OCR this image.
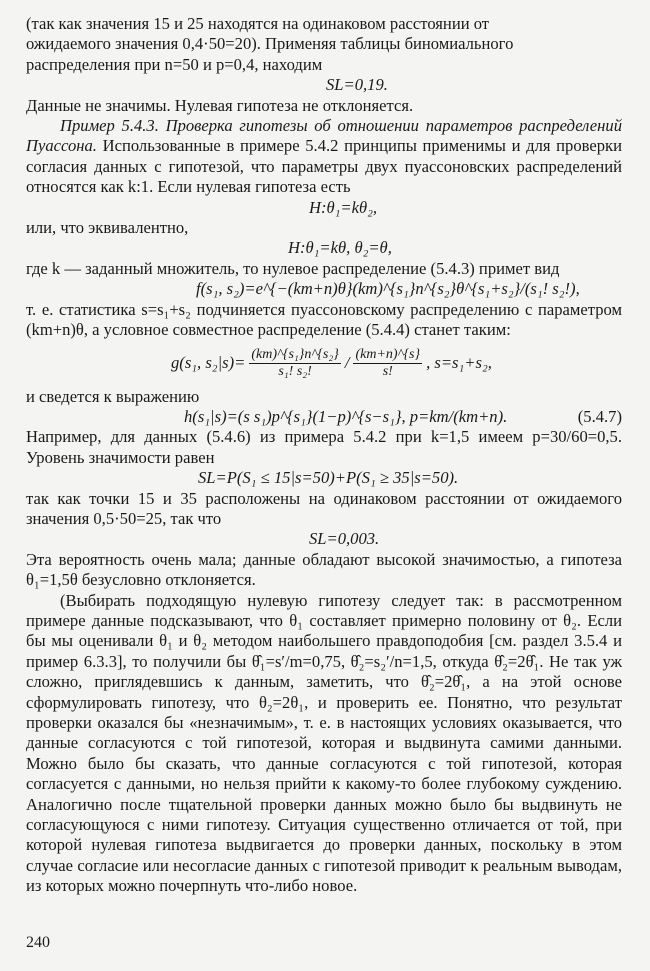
(так как значения 15 и 25 находятся на одинаковом расстоянии от

ожидаемого значения 0,4·50=20). Применяя таблицы биномиального

распределения при n=50 и p=0,4, находим

SL=0,19.

Данные не значимы. Нулевая гипотеза не отклоняется.

Пример 5.4.3. Проверка гипотезы об отношении параметров распределений Пуассона. Использованные в примере 5.4.2 принципы применимы и для проверки согласия данных с гипотезой, что параметры двух пуассоновских распределений относятся как k:1. Если нулевая гипотеза есть

H:θ₁=kθ₂,

или, что эквивалентно,

H:θ₁=kθ, θ₂=θ,

где k — заданный множитель, то нулевое распределение (5.4.3) примет вид

f(s₁, s₂)=e^{−(km+n)θ}(km)^{s₁}n^{s₂}θ^{s₁+s₂}/(s₁! s₂!),

т. е. статистика s=s₁+s₂ подчиняется пуассоновскому распределению с параметром (km+n)θ, а условное совместное распределение (5.4.4) станет таким:

g(s₁, $s_2|s)= \frac{\text{(km)\textasciicircum{}\{s₁\}n\textasciicircum{}\{s₂\}}}{\text{s₁! s₂!}} / \frac{(km+n)\^{}\{s\}}{s!}$ , s=s₁+s₂,

и сведется к выражению

h(s₁|s)=(s s₁)p^{s₁}(1−p)^{s−s₁}, p=km/(km+n).	(5.4.7)

Например, для данных (5.4.6) из примера 5.4.2 при k=1,5 имеем p=30/60=0,5. Уровень значимости равен

SL=P(S₁ ≤ 15|s=50)+P(S₁ ≥ 35|s=50).

так как точки 15 и 35 расположены на одинаковом расстоянии от ожидаемого значения 0,5·50=25, так что

SL=0,003.

Эта вероятность очень мала; данные обладают высокой значимостью, а гипотеза θ₁=1,5θ безусловно отклоняется.

(Выбирать подходящую нулевую гипотезу следует так: в рассмотренном примере данные подсказывают, что θ₁ составляет примерно половину от θ₂. Если бы мы оценивали θ₁ и θ₂ методом наибольшего правдоподобия [см. раздел 3.5.4 и пример 6.3.3], то получили бы θ̂₁=s′/m=0,75, θ̂₂=s₂′/n=1,5, откуда θ̂₂=2θ̂₁. Не так уж сложно, приглядевшись к данным, заметить, что θ̂₂=2θ̂₁, а на этой основе сформулировать гипотезу, что θ₂=2θ₁, и проверить ее. Понятно, что результат проверки оказался бы «незначимым», т. е. в настоящих условиях оказывается, что данные согласуются с той гипотезой, которая и выдвинута самими данными. Можно было бы сказать, что данные согласуются с той гипотезой, которая согласуется с данными, но нельзя прийти к какому-то более глубокому суждению. Аналогично после тщательной проверки данных можно было бы выдвинуть не согласующуюся с ними гипотезу. Ситуация существенно отличается от той, при которой нулевая гипотеза выдвигается до проверки данных, поскольку в этом случае согласие или несогласие данных с гипотезой приводит к реальным выводам, из которых можно почерпнуть что-либо новое.

240
